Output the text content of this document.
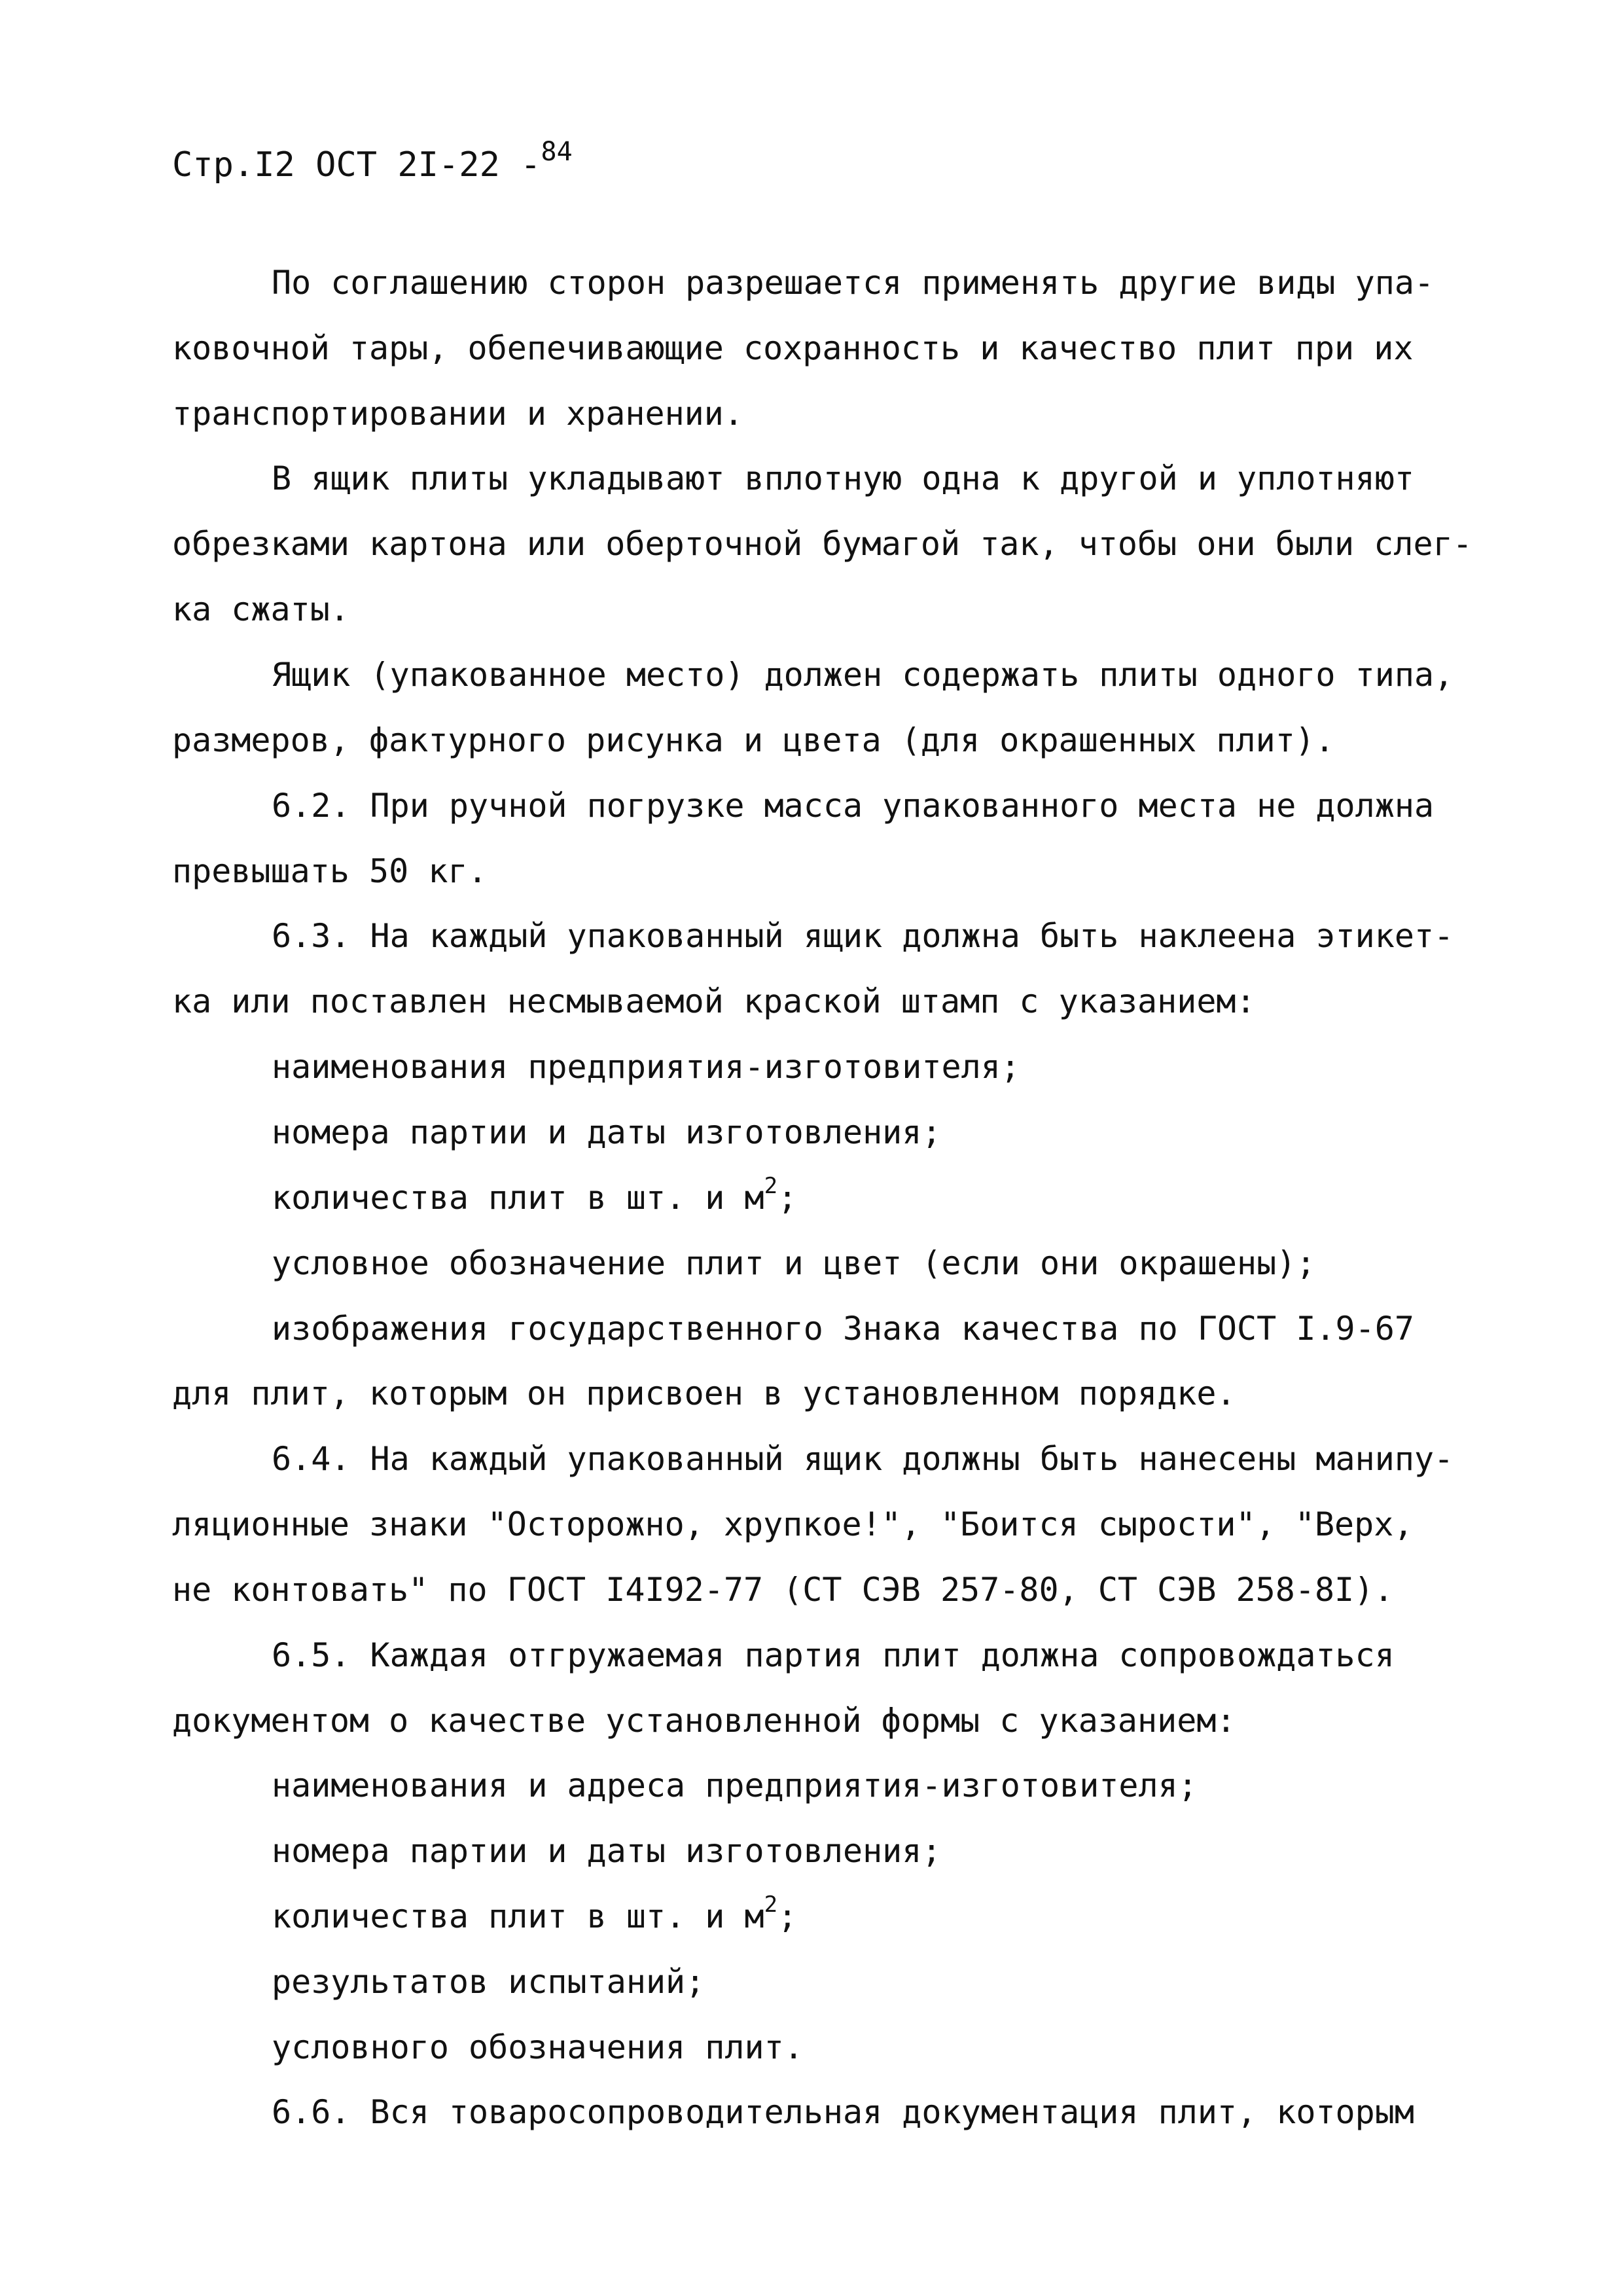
Стр.I2 ОСТ 2I-22 -$^{84}$
По соглашению сторон разрешается применять другие виды упа-
ковочной тары, обепечивающие сохранность и качество плит при их
транспортировании и хранении.
В ящик плиты укладывают вплотную одна к другой и уплотняют
обрезками картона или оберточной бумагой так, чтобы они были слег-
ка сжаты.
Ящик (упакованное место) должен содержать плиты одного типа,
размеров, фактурного рисунка и цвета (для окрашенных плит).
6.2. При ручной погрузке масса упакованного места не должна
превышать 50 кг.
6.3. На каждый упакованный ящик должна быть наклеена этикет-
ка или поставлен несмываемой краской штамп с указанием:
наименования предприятия-изготовителя;
номера партии и даты изготовления;
количества плит в шт. и $м^2$;
условное обозначение плит и цвет (если они окрашены);
изображения государственного Знака качества по ГОСТ I.9-67
для плит, которым он присвоен в установленном порядке.
6.4. На каждый упакованный ящик должны быть нанесены манипу-
ляционные знаки "Осторожно, хрупкое!", "Боится сырости", "Верх,
не контовать" по ГОСТ I4I92-77 (СТ СЭВ 257-80, СТ СЭВ 258-8I).
6.5. Каждая отгружаемая партия плит должна сопровождаться
документом о качестве установленной формы с указанием:
наименования и адреса предприятия-изготовителя;
номера партии и даты изготовления;
количества плит в шт. и $м^2$;
результатов испытаний;
условного обозначения плит.
6.6. Вся товаросопроводительная документация плит, которым
